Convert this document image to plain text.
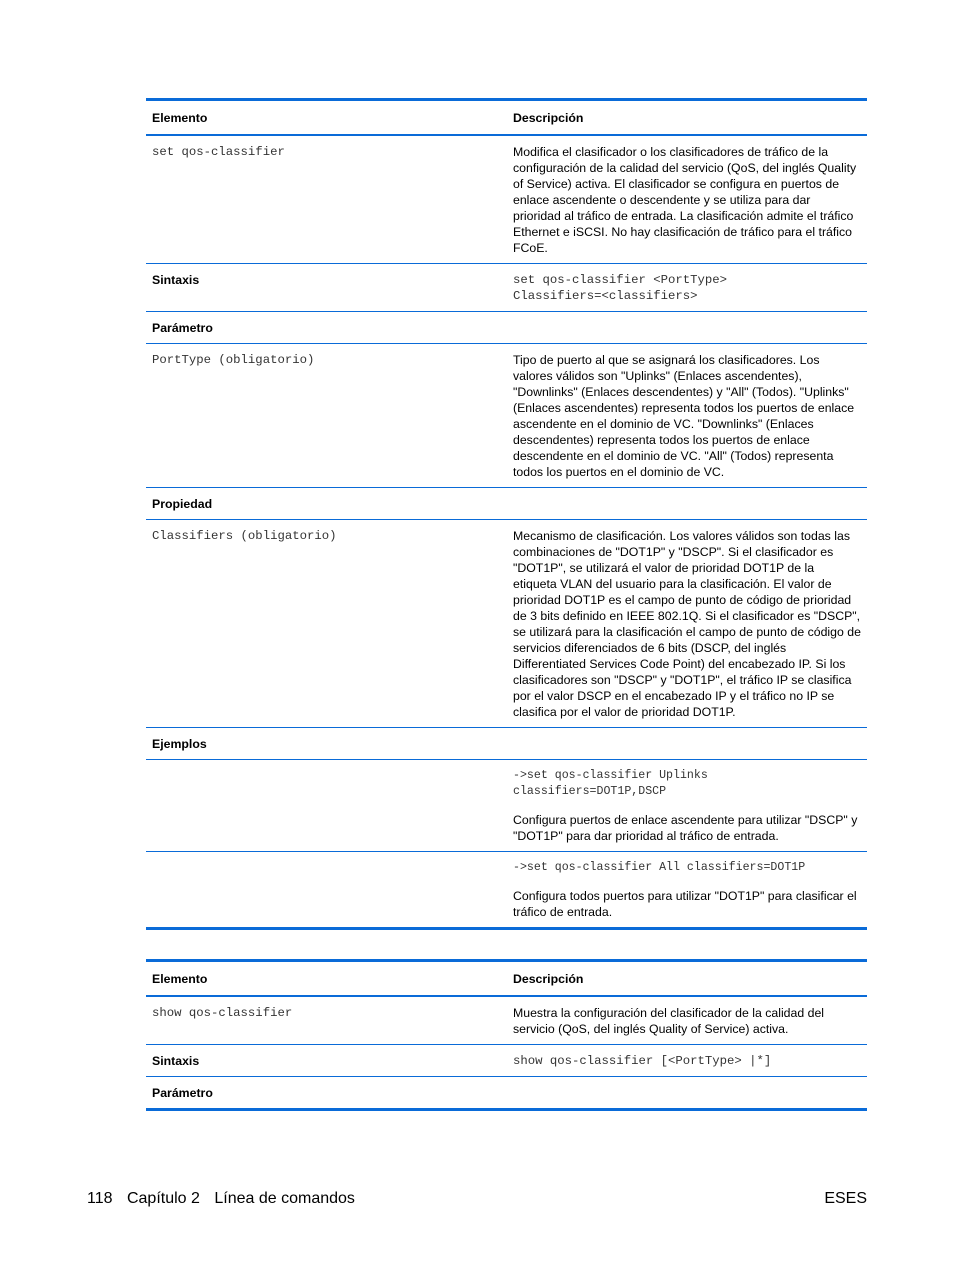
Elemento	Descripción
set qos-classifier	Modifica el clasificador o los clasificadores de tráfico de la configuración de la calidad del servicio (QoS, del inglés Quality of Service) activa. El clasificador se configura en puertos de enlace ascendente o descendente y se utiliza para dar prioridad al tráfico de entrada. La clasificación admite el tráfico Ethernet e iSCSI. No hay clasificación de tráfico para el tráfico FCoE.
Sintaxis	set qos-classifier <PortType>
Classifiers=<classifiers>

Parámetro	
PortType (obligatorio)	Tipo de puerto al que se asignará los clasificadores. Los valores válidos son "Uplinks" (Enlaces ascendentes), "Downlinks" (Enlaces descendentes) y "All" (Todos). "Uplinks" (Enlaces ascendentes) representa todos los puertos de enlace ascendente en el dominio de VC. "Downlinks" (Enlaces descendentes) representa todos los puertos de enlace descendente en el dominio de VC. "All" (Todos) representa todos los puertos en el dominio de VC.
Propiedad	
Classifiers (obligatorio)	Mecanismo de clasificación. Los valores válidos son todas las combinaciones de "DOT1P" y "DSCP". Si el clasificador es "DOT1P", se utilizará el valor de prioridad DOT1P de la etiqueta VLAN del usuario para la clasificación. El valor de prioridad DOT1P es el campo de punto de código de prioridad de 3 bits definido en IEEE 802.1Q. Si el clasificador es "DSCP", se utilizará para la clasificación el campo de punto de código de servicios diferenciados de 6 bits (DSCP, del inglés Differentiated Services Code Point) del encabezado IP. Si los clasificadores son "DSCP" y "DOT1P", el tráfico IP se clasifica por el valor DSCP en el encabezado IP y el tráfico no IP se clasifica por el valor de prioridad DOT1P.
Ejemplos	

	->set qos-classifier Uplinks
classifiers=DOT1P,DSCP
Configura puertos de enlace ascendente para utilizar "DSCP" y "DOT1P" para dar prioridad al tráfico de entrada.

	->set qos-classifier All classifiers=DOT1P
Configura todos puertos para utilizar "DOT1P" para clasificar el tráfico de entrada.
Elemento	Descripción
show qos-classifier	Muestra la configuración del clasificador de la calidad del servicio (QoS, del inglés Quality of Service) activa.
Sintaxis	show qos-classifier [<PortType> |*]
Parámetro	
118 Capítulo 2 Línea de comandos	ESES
